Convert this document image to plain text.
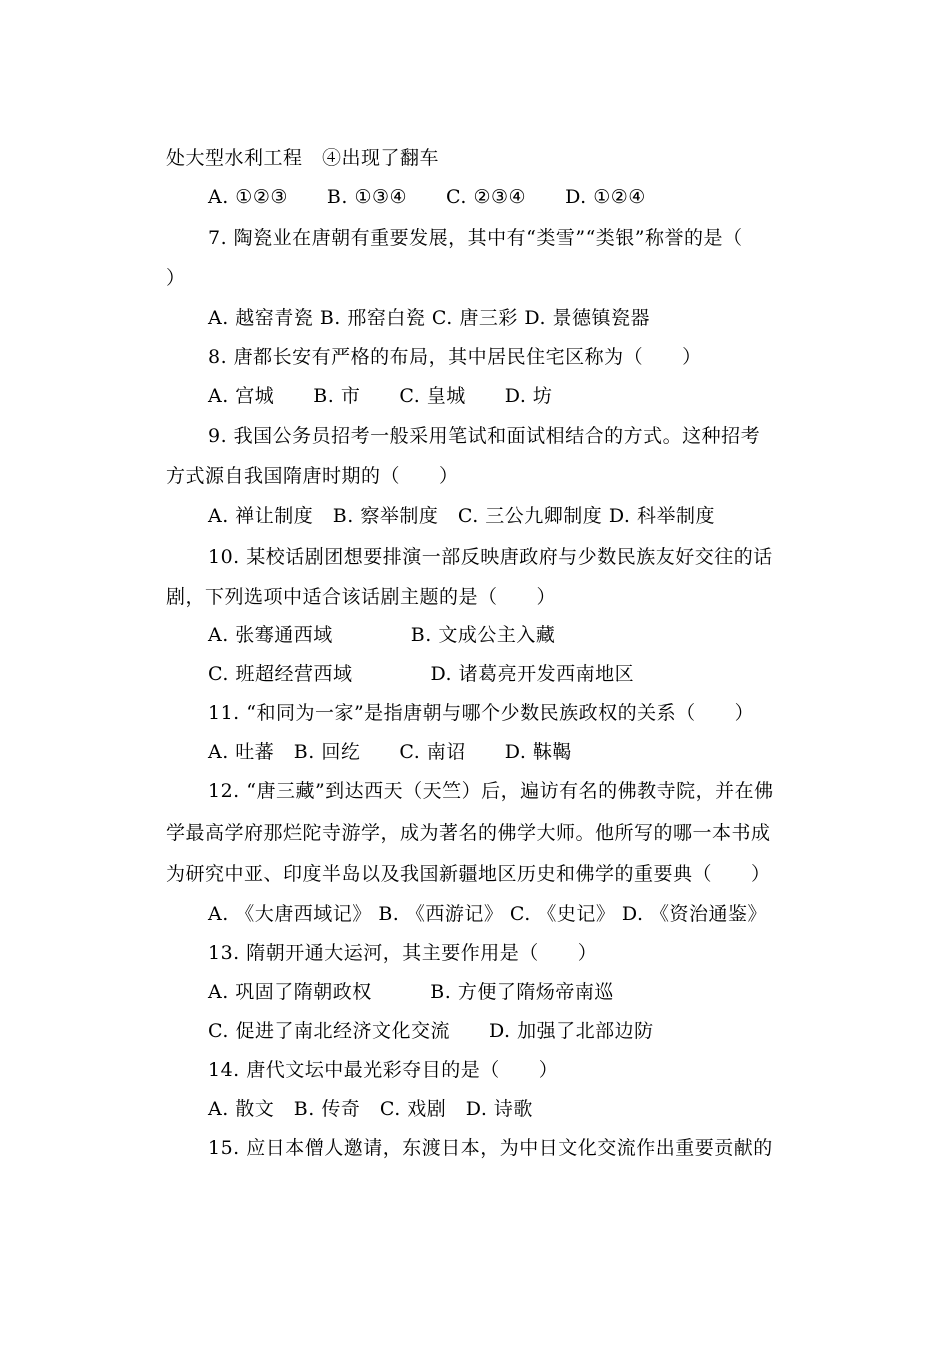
处大型水利工程　④出现了翻车
A. ①②③　　B. ①③④　　C. ②③④　　D. ①②④
7. 陶瓷业在唐朝有重要发展，其中有“类雪”“类银”称誉的是（
）
A. 越窑青瓷 B. 邢窑白瓷 C. 唐三彩 D. 景德镇瓷器
8. 唐都长安有严格的布局，其中居民住宅区称为（　　）
A. 宫城　　B. 市　　C. 皇城　　D. 坊
9. 我国公务员招考一般采用笔试和面试相结合的方式。这种招考
方式源自我国隋唐时期的（　　）
A. 禅让制度　B. 察举制度　C. 三公九卿制度 D. 科举制度
10. 某校话剧团想要排演一部反映唐政府与少数民族友好交往的话
剧，下列选项中适合该话剧主题的是（　　）
A. 张骞通西域　　　　B. 文成公主入藏
C. 班超经营西域　　　　D. 诸葛亮开发西南地区
11. “和同为一家”是指唐朝与哪个少数民族政权的关系（　　）
A. 吐蕃　B. 回纥　　C. 南诏　　D. 靺鞨
12. “唐三藏”到达西天（天竺）后，遍访有名的佛教寺院，并在佛
学最高学府那烂陀寺游学，成为著名的佛学大师。他所写的哪一本书成
为研究中亚、印度半岛以及我国新疆地区历史和佛学的重要典（　　）
A. 《大唐西域记》 B. 《西游记》 C. 《史记》 D. 《资治通鉴》
13. 隋朝开通大运河，其主要作用是（　　）
A. 巩固了隋朝政权　　　B. 方便了隋炀帝南巡
C. 促进了南北经济文化交流　　D. 加强了北部边防
14. 唐代文坛中最光彩夺目的是（　　）
A. 散文　B. 传奇　C. 戏剧　D. 诗歌
15. 应日本僧人邀请，东渡日本，为中日文化交流作出重要贡献的
